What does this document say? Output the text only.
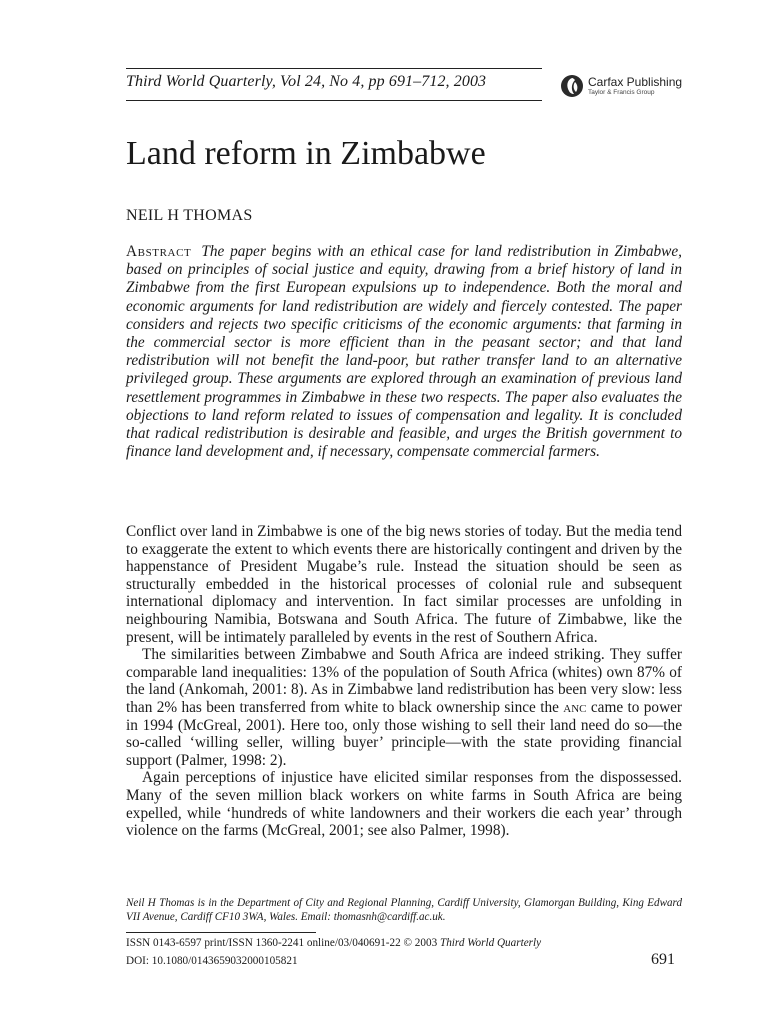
Third World Quarterly, Vol 24, No 4, pp 691–712, 2003	Carfax Publishing
Taylor & Francis Group
Land reform in Zimbabwe
NEIL H THOMAS

Abstract The paper begins with an ethical case for land redistribution in Zimbabwe, based on principles of social justice and equity, drawing from a brief history of land in Zimbabwe from the first European expulsions up to independence. Both the moral and economic arguments for land redistribution are widely and fiercely contested. The paper considers and rejects two specific criticisms of the economic arguments: that farming in the commercial sector is more efficient than in the peasant sector; and that land redistribution will not benefit the land-poor, but rather transfer land to an alternative privileged group. These arguments are explored through an examination of previous land resettlement programmes in Zimbabwe in these two respects. The paper also evaluates the objections to land reform related to issues of compensation and legality. It is concluded that radical redistribution is desirable and feasible, and urges the British government to finance land development and, if necessary, compensate commercial farmers.

Conflict over land in Zimbabwe is one of the big news stories of today. But the media tend to exaggerate the extent to which events there are historically contingent and driven by the happenstance of President Mugabe’s rule. Instead the situation should be seen as structurally embedded in the historical processes of colonial rule and subsequent international diplomacy and intervention. In fact similar processes are unfolding in neighbouring Namibia, Botswana and South Africa. The future of Zimbabwe, like the present, will be intimately paralleled by events in the rest of Southern Africa.

The similarities between Zimbabwe and South Africa are indeed striking. They suffer comparable land inequalities: 13% of the population of South Africa (whites) own 87% of the land (Ankomah, 2001: 8). As in Zimbabwe land redistribution has been very slow: less than 2% has been transferred from white to black ownership since the anc came to power in 1994 (McGreal, 2001). Here too, only those wishing to sell their land need do so—the so-called ‘willing seller, willing buyer’ principle—with the state providing financial support (Palmer, 1998: 2).

Again perceptions of injustice have elicited similar responses from the dispossessed. Many of the seven million black workers on white farms in South Africa are being expelled, while ‘hundreds of white landowners and their workers die each year’ through violence on the farms (McGreal, 2001; see also Palmer, 1998).

Neil H Thomas is in the Department of City and Regional Planning, Cardiff University, Glamorgan Building, King Edward VII Avenue, Cardiff CF10 3WA, Wales. Email: thomasnh@cardiff.ac.uk.

ISSN 0143-6597 print/ISSN 1360-2241 online/03/040691-22 © 2003 Third World Quarterly
DOI: 10.1080/0143659032000105821	691
